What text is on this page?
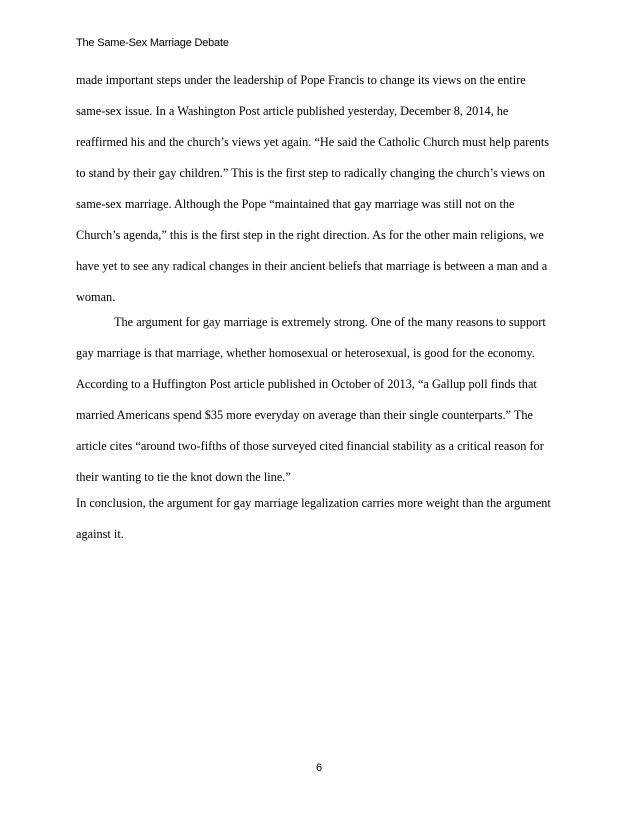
The Same-Sex Marriage Debate
made important steps under the leadership of Pope Francis to change its views on the entire
same-sex issue. In a Washington Post article published yesterday, December 8, 2014, he
reaffirmed his and the church’s views yet again. “He said the Catholic Church must help parents
to stand by their gay children.” This is the first step to radically changing the church’s views on
same-sex marriage. Although the Pope “maintained that gay marriage was still not on the
Church’s agenda,” this is the first step in the right direction. As for the other main religions, we
have yet to see any radical changes in their ancient beliefs that marriage is between a man and a
woman.
The argument for gay marriage is extremely strong. One of the many reasons to support
gay marriage is that marriage, whether homosexual or heterosexual, is good for the economy.
According to a Huffington Post article published in October of 2013, “a Gallup poll finds that
married Americans spend $35 more everyday on average than their single counterparts.” The
article cites “around two-fifths of those surveyed cited financial stability as a critical reason for
their wanting to tie the knot down the line.”
In conclusion, the argument for gay marriage legalization carries more weight than the argument
against it.
6
